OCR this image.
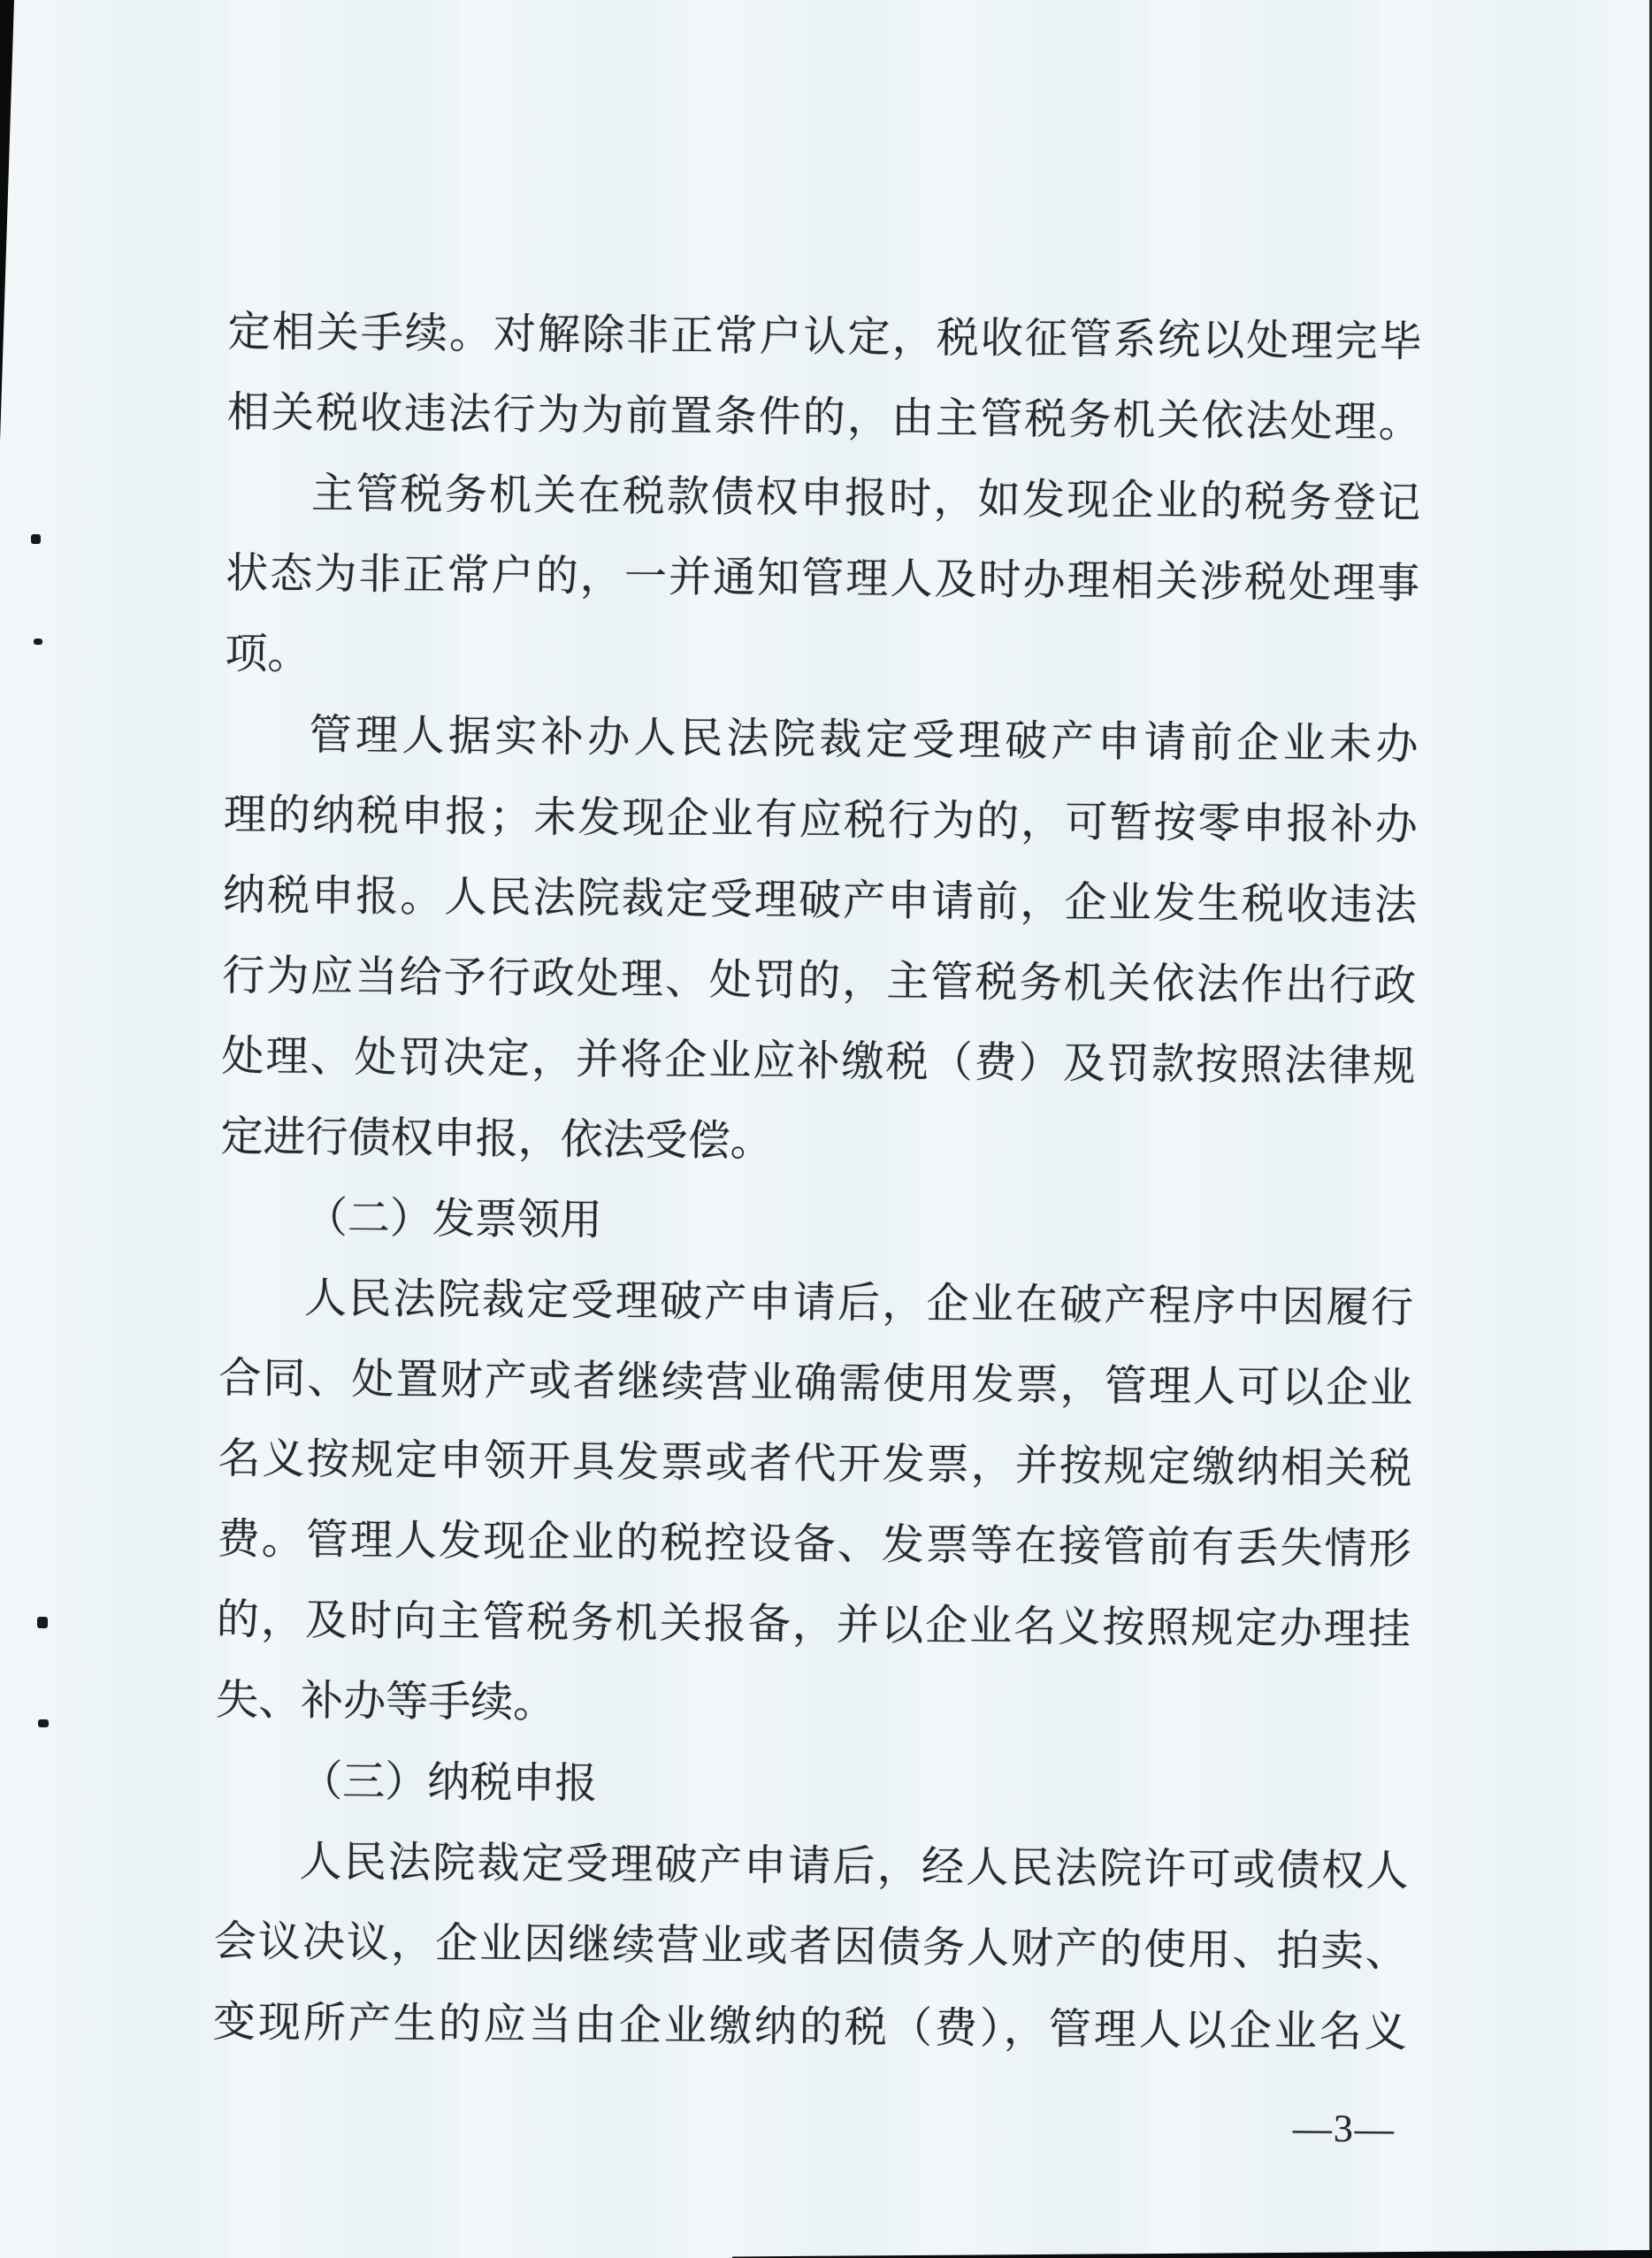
定相关手续。对解除非正常户认定，税收征管系统以处理完毕
相关税收违法行为为前置条件的，由主管税务机关依法处理。
主管税务机关在税款债权申报时，如发现企业的税务登记
状态为非正常户的，一并通知管理人及时办理相关涉税处理事
项。
管理人据实补办人民法院裁定受理破产申请前企业未办
理的纳税申报；未发现企业有应税行为的，可暂按零申报补办
纳税申报。人民法院裁定受理破产申请前，企业发生税收违法
行为应当给予行政处理、处罚的，主管税务机关依法作出行政
处理、处罚决定，并将企业应补缴税（费）及罚款按照法律规
定进行债权申报，依法受偿。
（二）发票领用
人民法院裁定受理破产申请后，企业在破产程序中因履行
合同、处置财产或者继续营业确需使用发票，管理人可以企业
名义按规定申领开具发票或者代开发票，并按规定缴纳相关税
费。管理人发现企业的税控设备、发票等在接管前有丢失情形
的，及时向主管税务机关报备，并以企业名义按照规定办理挂
失、补办等手续。
（三）纳税申报
人民法院裁定受理破产申请后，经人民法院许可或债权人
会议决议，企业因继续营业或者因债务人财产的使用、拍卖、
变现所产生的应当由企业缴纳的税（费），管理人以企业名义
—3—
